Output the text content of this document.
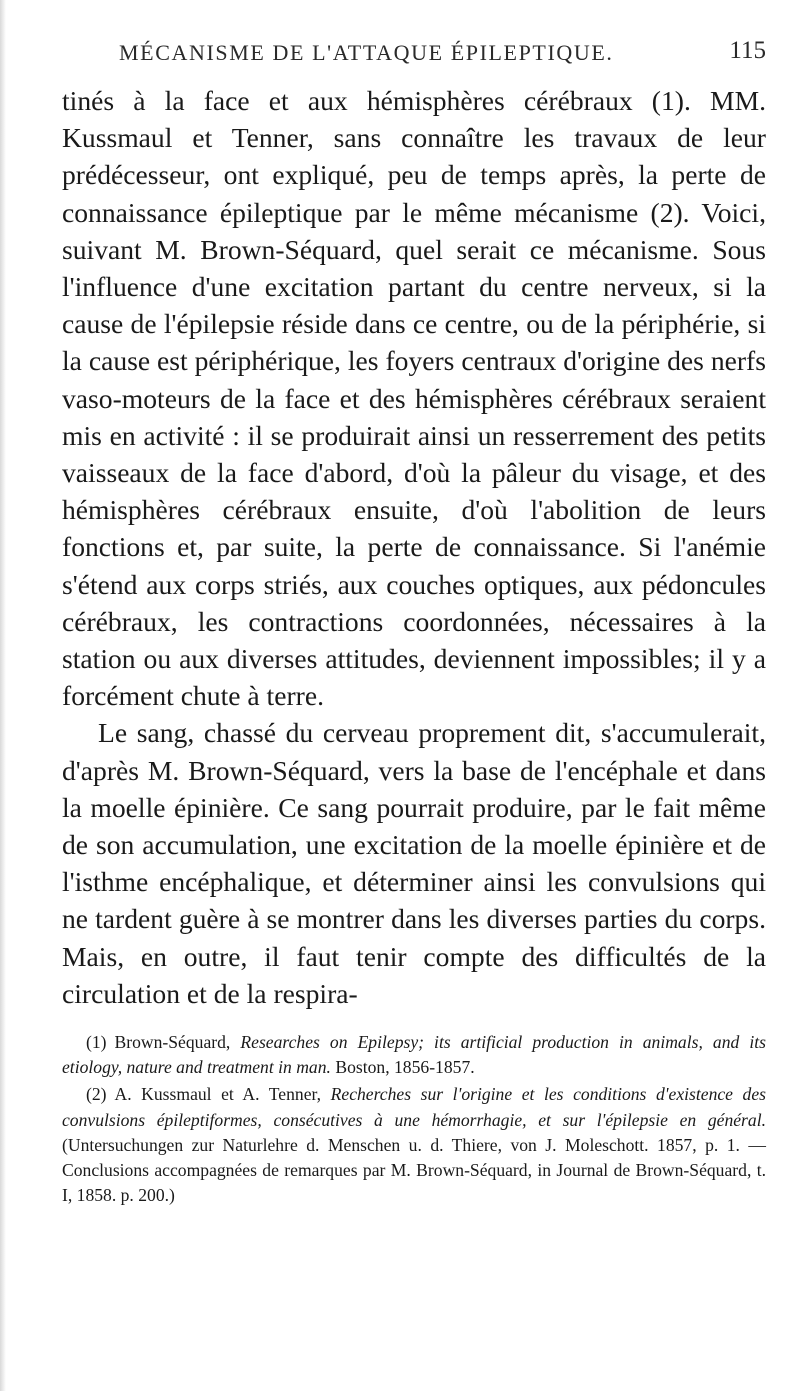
MÉCANISME DE L'ATTAQUE ÉPILEPTIQUE.	115

tinés à la face et aux hémisphères cérébraux (1). MM. Kussmaul et Tenner, sans connaître les travaux de leur prédécesseur, ont expliqué, peu de temps après, la perte de connaissance épileptique par le même mécanisme (2). Voici, suivant M. Brown-Séquard, quel serait ce mécanisme. Sous l'influence d'une excitation partant du centre nerveux, si la cause de l'épilepsie réside dans ce centre, ou de la périphérie, si la cause est périphérique, les foyers centraux d'origine des nerfs vaso-moteurs de la face et des hémisphères cérébraux seraient mis en activité : il se produirait ainsi un resserrement des petits vaisseaux de la face d'abord, d'où la pâleur du visage, et des hémisphères cérébraux ensuite, d'où l'abolition de leurs fonctions et, par suite, la perte de connaissance. Si l'anémie s'étend aux corps striés, aux couches optiques, aux pédoncules cérébraux, les contractions coordonnées, nécessaires à la station ou aux diverses attitudes, deviennent impossibles; il y a forcément chute à terre.

Le sang, chassé du cerveau proprement dit, s'accumulerait, d'après M. Brown-Séquard, vers la base de l'encéphale et dans la moelle épinière. Ce sang pourrait produire, par le fait même de son accumulation, une excitation de la moelle épinière et de l'isthme encéphalique, et déterminer ainsi les convulsions qui ne tardent guère à se montrer dans les diverses parties du corps. Mais, en outre, il faut tenir compte des difficultés de la circulation et de la respira-

(1) Brown-Séquard, Researches on Epilepsy; its artificial production in animals, and its etiology, nature and treatment in man. Boston, 1856-1857.

(2) A. Kussmaul et A. Tenner, Recherches sur l'origine et les conditions d'existence des convulsions épileptiformes, consécutives à une hémorrhagie, et sur l'épilepsie en général. (Untersuchungen zur Naturlehre d. Menschen u. d. Thiere, von J. Moleschott. 1857, p. 1. — Conclusions accompagnées de remarques par M. Brown-Séquard, in Journal de Brown-Séquard, t. I, 1858. p. 200.)
